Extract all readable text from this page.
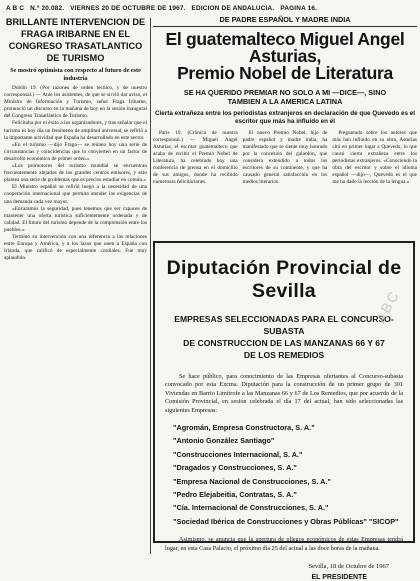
A B C N.º 20.082. VIERNES 20 DE OCTUBRE DE 1967. EDICION DE ANDALUCIA. PAGINA 16.
BRILLANTE INTERVENCION DE FRAGA IRIBARNE EN EL CONGRESO TRASATLANTICO DE TURISMO
Se mostró optimista con respecto al futuro de este industria

Dublín 19. (Por razones de orden técnico, y de nuestro corresponsal.) — Ante los asistentes, de que se sirvió dar aviso, el Ministro de Información y Turismo, señor Fraga Iribarne, pronunció un discurso en la mañana de hoy en la sesión inaugural del Congreso Trasatlántico de Turismo.

Felicitaba por el éxito a los organizadores, y tras señalar que el turismo es hoy día un fenómeno de amplitud universal, se refirió a la importante actividad que España ha desarrollado en este sector.

«En el turismo —dijo Fraga— se reúnen hoy una serie de circunstancias y coincidencias que lo convierten en un factor de desarrollo económico de primer orden.»

«Los promotores del turismo mundial se encuentran frecuentemente alejados de los grandes centros emisores, y esto plantea una serie de problemas que es preciso estudiar en común.»

El Ministro español se refirió luego a la necesidad de una cooperación internacional que permita atender las exigencias de una demanda cada vez mayor.

«Encaramos la seguridad, pues tenemos que ser capaces de mantener una oferta turística suficientemente ordenada y de calidad. El futuro del turismo depende de la comprensión entre los pueblos.»

Terminó su intervención con una referencia a las relaciones entre Europa y América, y a los lazos que unen a España con Irlanda, que calificó de especialmente cordiales. Fue muy aplaudido.

DE PADRE ESPAÑOL Y MADRE INDIA
El guatemalteco Miguel Angel Asturias,
Premio Nobel de Literatura
SE HA QUERIDO PREMIAR NO SOLO A MI —DICE—, SINO
TAMBIEN A LA AMERICA LATINA
Cierta extrañeza entre los periodistas extranjeros en declaración de que Quevedo es el escritor que más ha influido en él

París 19. (Crónica de nuestra corresponsal.) — Miguel Angel Asturias, el escritor guatemalteco que acaba de recibir el Premio Nobel de Literatura, ha celebrado hoy una conferencia de prensa en el domicilio de sus amigos, donde ha recibido numerosas felicitaciones.

El nuevo Premio Nobel, hijo de padre español y madre india, ha manifestado que se siente muy honrado por la concesión del galardón, que considera extendido a todos los escritores de su continente, y que ha causado general satisfacción en los medios literarios.

Preguntado sobre los autores que más han influido en su obra, Asturias citó en primer lugar a Quevedo, lo que causó cierta extrañeza entre los periodistas extranjeros. «Conociendo la obra del escritor y sobre el idioma español —dijo—, Quevedo es el que me ha dado la lección de la lengua.»

Diputación Provincial de Sevilla
EMPRESAS SELECCIONADAS PARA EL CONCURSO-SUBASTA
DE CONSTRUCCION DE LAS MANZANAS 66 Y 67
DE LOS REMEDIOS
Se hace público, para conocimiento de las Empresas ofertantes al Concurso-subasta convocado por esta Excma. Diputación para la construcción de un primer grupo de 301 Viviendas en Barrio Limítrofe a las Manzanas 66 y 67 de Los Remedios, que por acuerdo de la Comisión Provincial, en sesión celebrada el día 17 del actual, han sido seleccionadas las siguientes Empresas:
"Agromán, Empresa Constructora, S. A."
"Antonio González Santiago"
"Construcciones Internacional, S. A."
"Dragados y Construcciones, S. A."
"Empresa Nacional de Construcciones, S. A."
"Pedro Elejabeitia, Contratas, S. A."
"Cía. Internacional de Construcciones, S. A."
"Sociedad Ibérica de Construcciones y Obras Públicas" "SICOP"
Asimismo, se anuncia que la apertura de pliegos económicos de estas Empresas tendrá lugar, en esta Casa Palacio, el próximo día 25 del actual a las doce horas de la mañana.
Sevilla, 18 de Octubre de 1967
EL PRESIDENTE
ABC
